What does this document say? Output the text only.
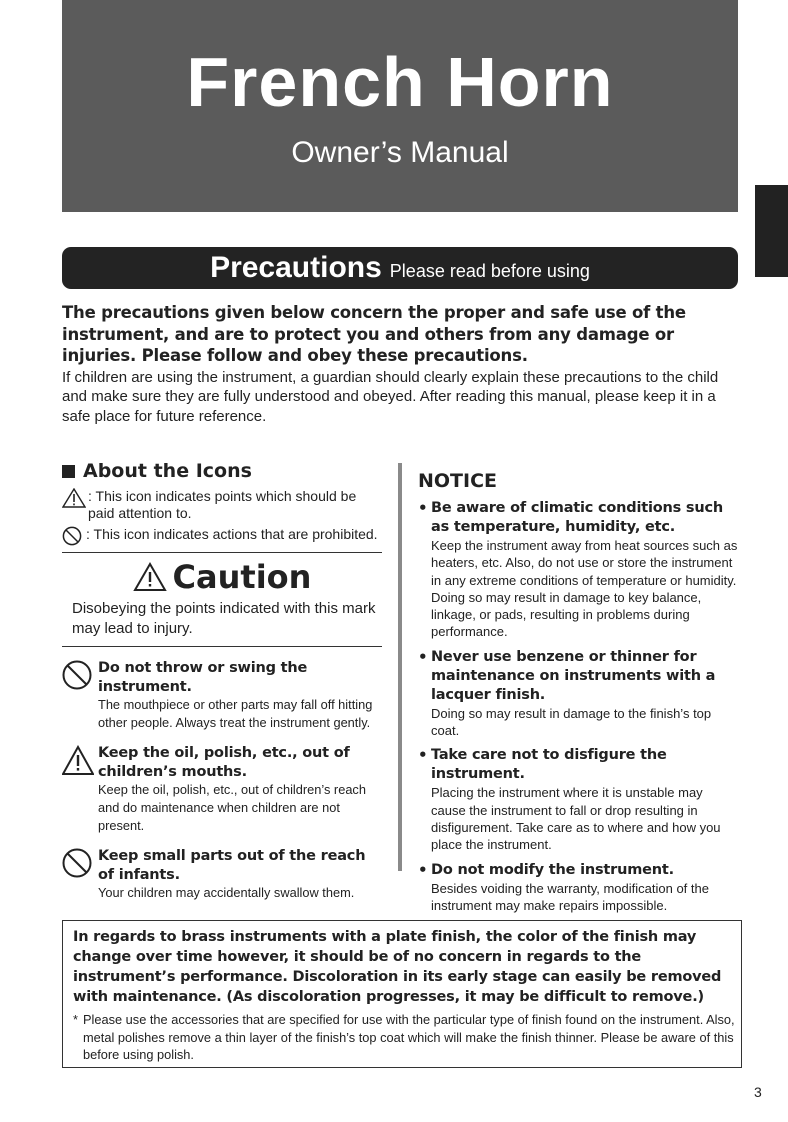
French Horn
Owner’s Manual
Precautions Please read before using
The precautions given below concern the proper and safe use of the instrument, and are to protect you and others from any damage or injuries. Please follow and obey these precautions.
If children are using the instrument, a guardian should clearly explain these precautions to the child and make sure they are fully understood and obeyed. After reading this manual, please keep it in a safe place for future reference.
About the Icons
: This icon indicates points which should be paid attention to.
: This icon indicates actions that are prohibited.
Caution
Disobeying the points indicated with this mark may lead to injury.
Do not throw or swing the instrument.
The mouthpiece or other parts may fall off hitting other people. Always treat the instrument gently.
Keep the oil, polish, etc., out of children’s mouths.
Keep the oil, polish, etc., out of children’s reach and do maintenance when children are not present.
Keep small parts out of the reach of infants.
Your children may accidentally swallow them.
NOTICE
• Be aware of climatic conditions such as temperature, humidity, etc.
Keep the instrument away from heat sources such as heaters, etc. Also, do not use or store the instrument in any extreme conditions of temperature or humidity. Doing so may result in damage to key balance, linkage, or pads, resulting in problems during performance.
• Never use benzene or thinner for maintenance on instruments with a lacquer finish.
Doing so may result in damage to the finish’s top coat.
• Take care not to disfigure the instrument.
Placing the instrument where it is unstable may cause the instrument to fall or drop resulting in disfigurement. Take care as to where and how you place the instrument.
• Do not modify the instrument.
Besides voiding the warranty, modification of the instrument may make repairs impossible.
In regards to brass instruments with a plate finish, the color of the finish may change over time however, it should be of no concern in regards to the instrument’s performance. Discoloration in its early stage can easily be removed with maintenance. (As discoloration progresses, it may be difficult to remove.)
* Please use the accessories that are specified for use with the particular type of finish found on the instrument. Also, metal polishes remove a thin layer of the finish’s top coat which will make the finish thinner. Please be aware of this before using polish.
3
